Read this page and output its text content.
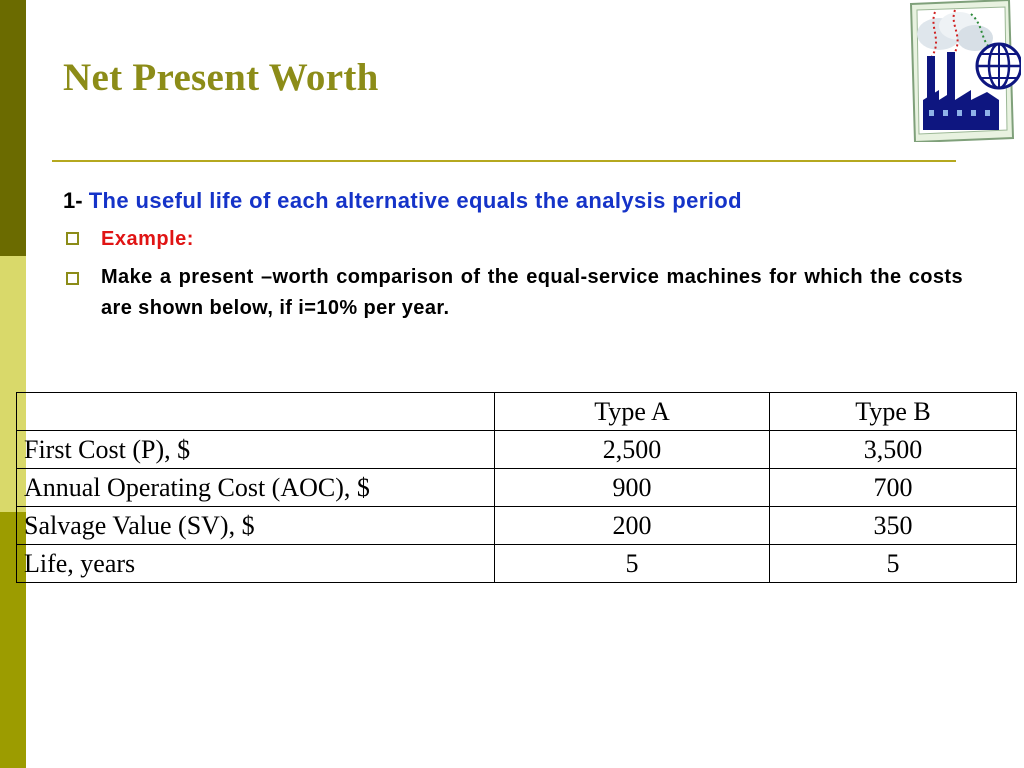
Net Present Worth

1- The useful life of each alternative equals the analysis period

Example:

Make a present –worth comparison of the equal-service machines for which the costs are shown below, if i=10% per year.

	Type A	Type B
First Cost (P), $	2,500	3,500
Annual Operating Cost (AOC), $	900	700
Salvage Value (SV), $	200	350
Life, years	5	5
